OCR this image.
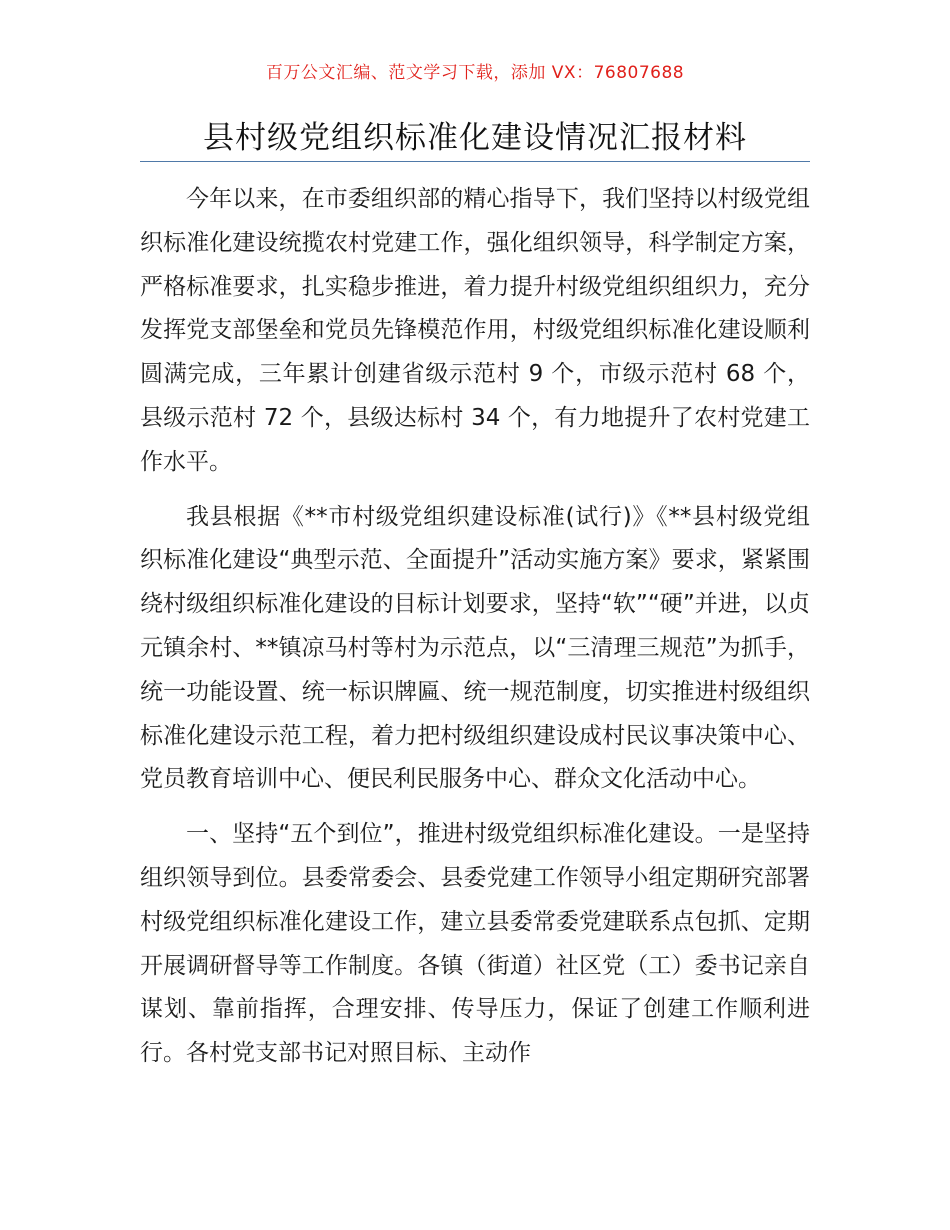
百万公文汇编、范文学习下载，添加 VX：76807688
县村级党组织标准化建设情况汇报材料

今年以来，在市委组织部的精心指导下，我们坚持以村级党组织标准化建设统揽农村党建工作，强化组织领导，科学制定方案，严格标准要求，扎实稳步推进，着力提升村级党组织组织力，充分发挥党支部堡垒和党员先锋模范作用，村级党组织标准化建设顺利圆满完成，三年累计创建省级示范村 9 个，市级示范村 68 个，县级示范村 72 个，县级达标村 34 个，有力地提升了农村党建工作水平。

我县根据《**市村级党组织建设标准(试行)》《**县村级党组织标准化建设“典型示范、全面提升”活动实施方案》要求，紧紧围绕村级组织标准化建设的目标计划要求，坚持“软”“硬”并进，以贞元镇余村、**镇凉马村等村为示范点，以“三清理三规范”为抓手，统一功能设置、统一标识牌匾、统一规范制度，切实推进村级组织标准化建设示范工程，着力把村级组织建设成村民议事决策中心、党员教育培训中心、便民利民服务中心、群众文化活动中心。

一、坚持“五个到位”，推进村级党组织标准化建设。一是坚持组织领导到位。县委常委会、县委党建工作领导小组定期研究部署村级党组织标准化建设工作，建立县委常委党建联系点包抓、定期开展调研督导等工作制度。各镇（街道）社区党（工）委书记亲自谋划、靠前指挥，合理安排、传导压力，保证了创建工作顺利进行。各村党支部书记对照目标、主动作
